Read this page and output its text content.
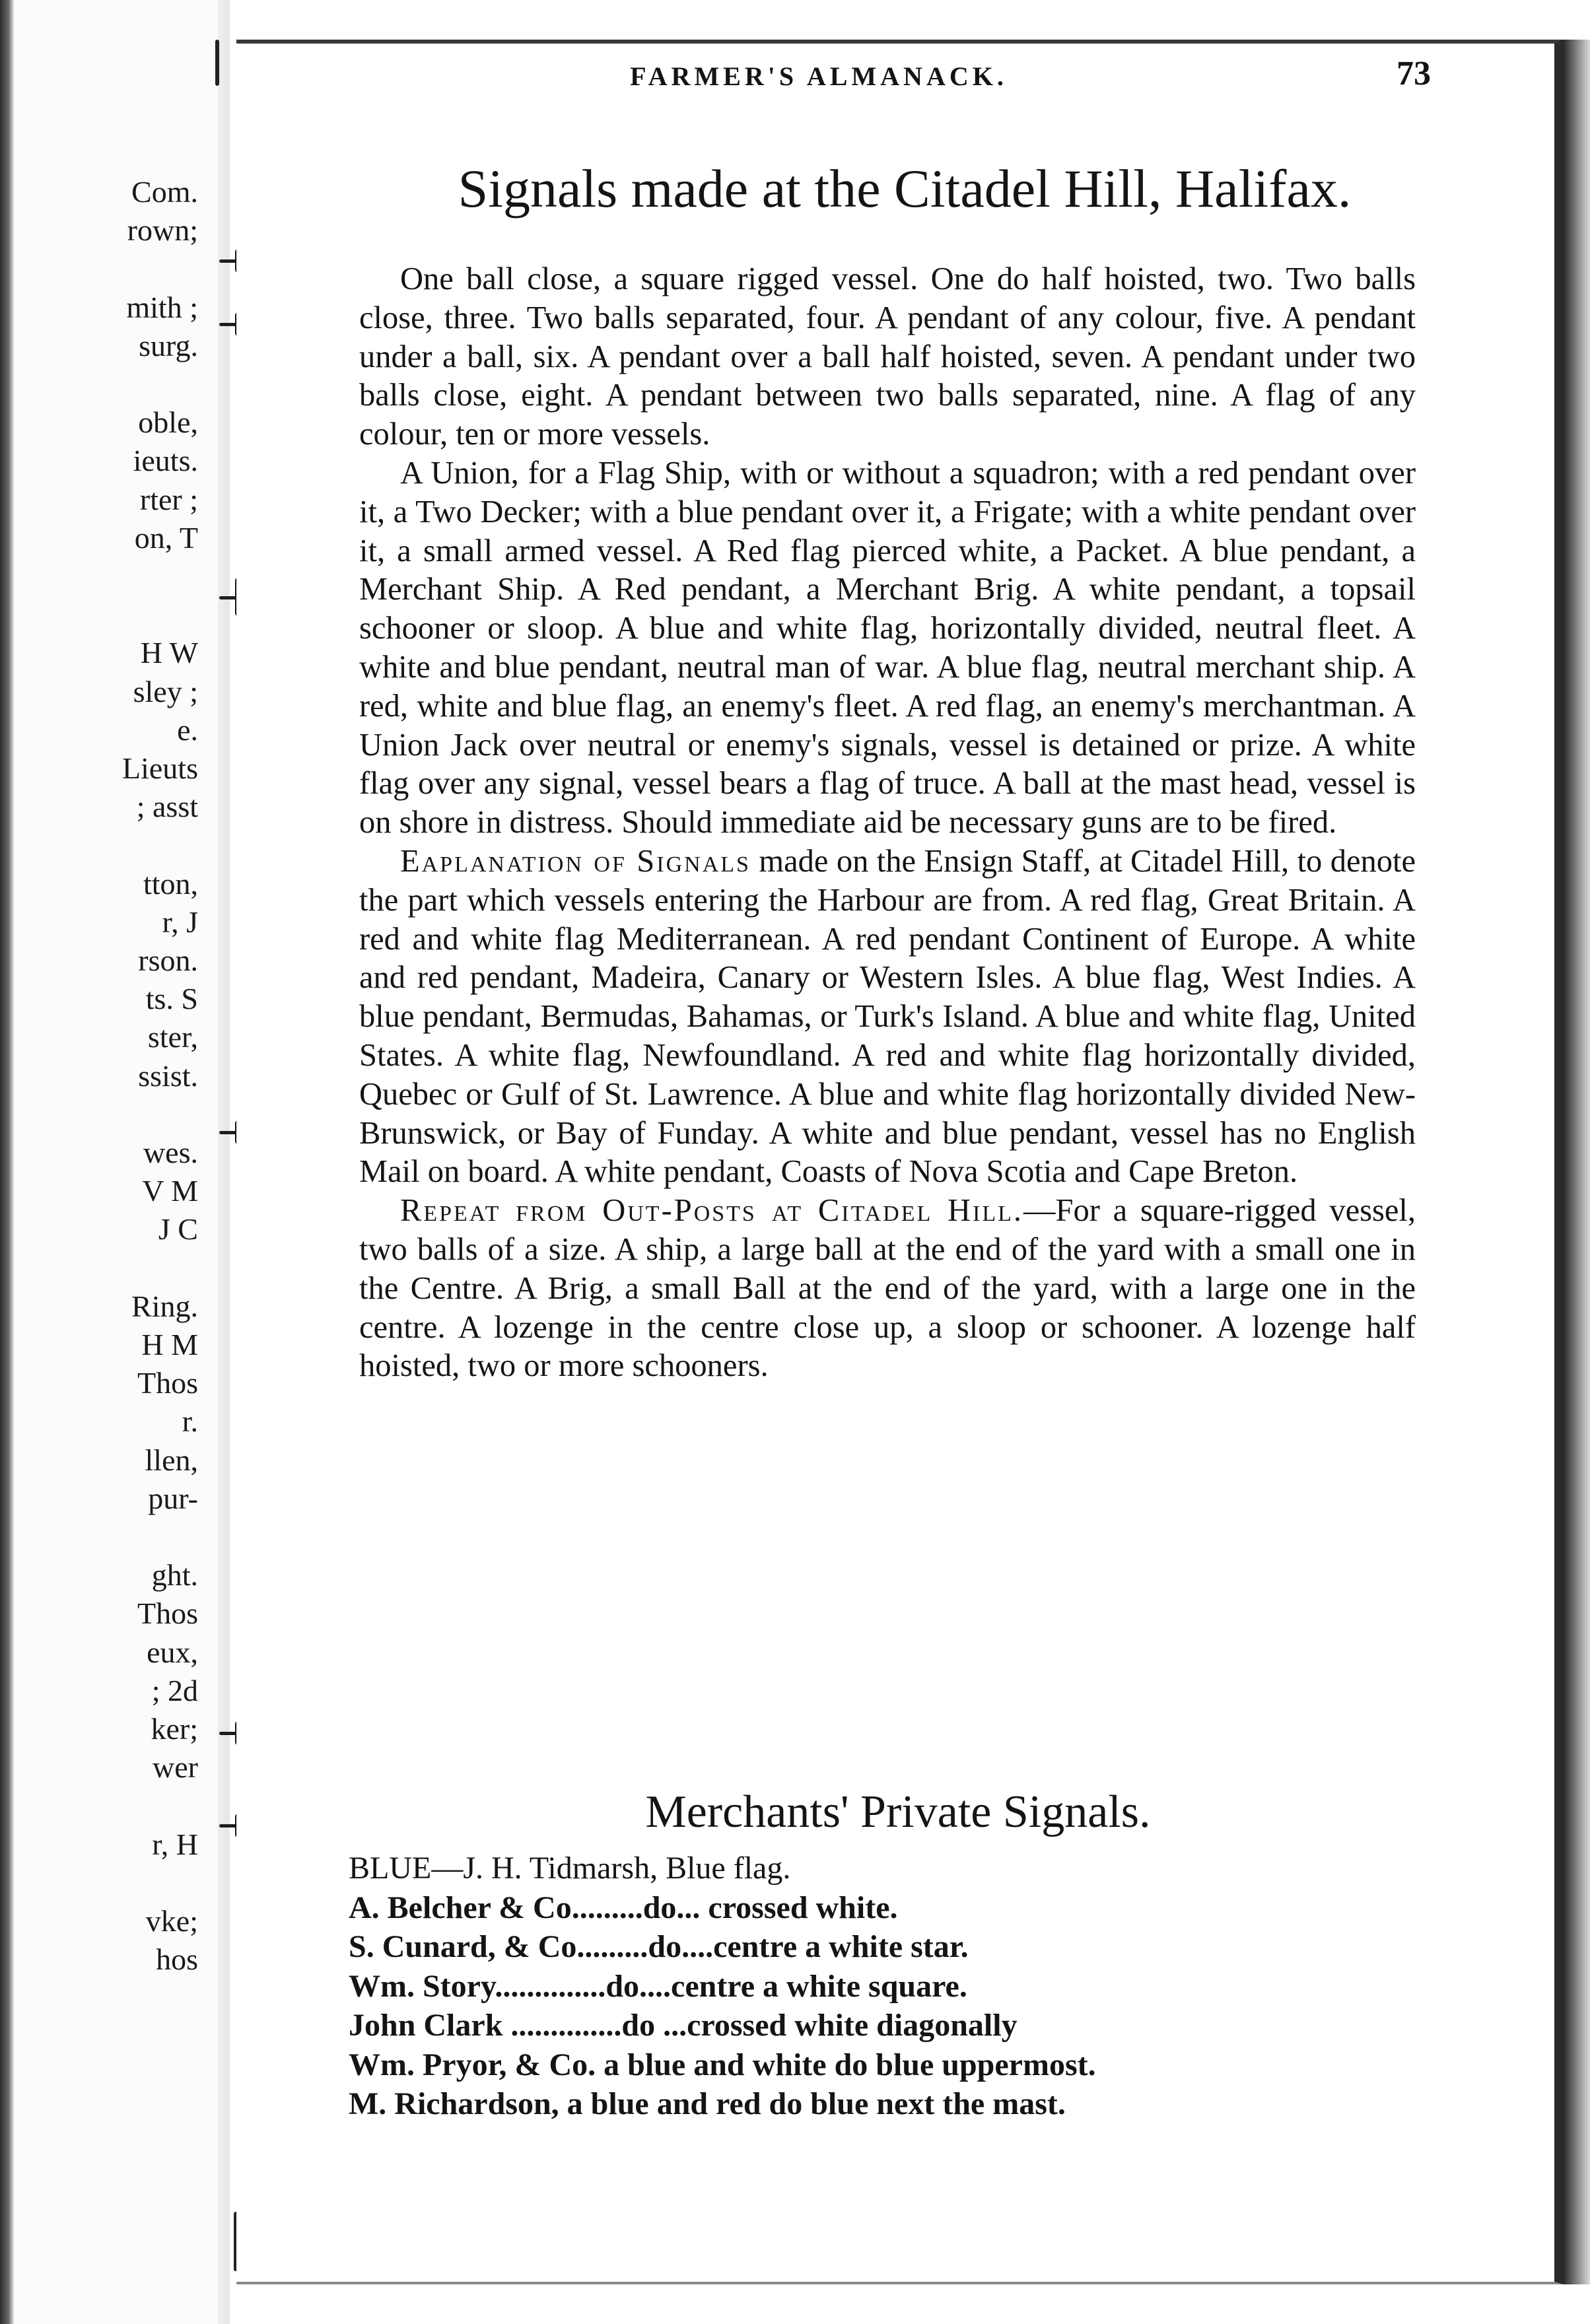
Com.
rown;
mith ;
surg.
oble,
ieuts.
rter ;
on, T
H W
sley ;
e.
Lieuts
; asst
tton,
r, J
rson.
ts. S
ster,
ssist.
wes.
V M
J C
Ring.
H M
Thos
r.
llen,
pur-
ght.
Thos
eux,
; 2d
ker;
wer
r, H
vke;
hos
FARMER'S ALMANACK.	73
Signals made at the Citadel Hill, Halifax.

One ball close, a square rigged vessel. One do half hoisted, two. Two balls close, three. Two balls separated, four. A pendant of any colour, five. A pendant under a ball, six. A pendant over a ball half hoisted, seven. A pendant under two balls close, eight. A pendant between two balls separated, nine. A flag of any colour, ten or more vessels.

A Union, for a Flag Ship, with or without a squadron; with a red pendant over it, a Two Decker; with a blue pendant over it, a Frigate; with a white pendant over it, a small armed vessel. A Red flag pierced white, a Packet. A blue pendant, a Merchant Ship. A Red pendant, a Merchant Brig. A white pendant, a topsail schooner or sloop. A blue and white flag, horizontally divided, neutral fleet. A white and blue pendant, neutral man of war. A blue flag, neutral merchant ship. A red, white and blue flag, an enemy's fleet. A red flag, an enemy's merchantman. A Union Jack over neutral or enemy's signals, vessel is detained or prize. A white flag over any signal, vessel bears a flag of truce. A ball at the mast head, vessel is on shore in distress. Should immediate aid be necessary guns are to be fired.

Eaplanation of Signals made on the Ensign Staff, at Citadel Hill, to denote the part which vessels entering the Harbour are from. A red flag, Great Britain. A red and white flag Mediterranean. A red pendant Continent of Europe. A white and red pendant, Madeira, Canary or Western Isles. A blue flag, West Indies. A blue pendant, Bermudas, Bahamas, or Turk's Island. A blue and white flag, United States. A white flag, Newfoundland. A red and white flag horizontally divided, Quebec or Gulf of St. Lawrence. A blue and white flag horizontally divided New-Brunswick, or Bay of Funday. A white and blue pendant, vessel has no English Mail on board. A white pendant, Coasts of Nova Scotia and Cape Breton.

Repeat from Out-Posts at Citadel Hill.—For a square-rigged vessel, two balls of a size. A ship, a large ball at the end of the yard with a small one in the Centre. A Brig, a small Ball at the end of the yard, with a large one in the centre. A lozenge in the centre close up, a sloop or schooner. A lozenge half hoisted, two or more schooners.

Merchants' Private Signals.
BLUE—J. H. Tidmarsh, Blue flag.
A. Belcher & Co.........do... crossed white.
S. Cunard, & Co.........do....centre a white star.
Wm. Story..............do....centre a white square.
John Clark ..............do ...crossed white diagonally
Wm. Pryor, & Co. a blue and white do blue uppermost.
M. Richardson, a blue and red do blue next the mast.
